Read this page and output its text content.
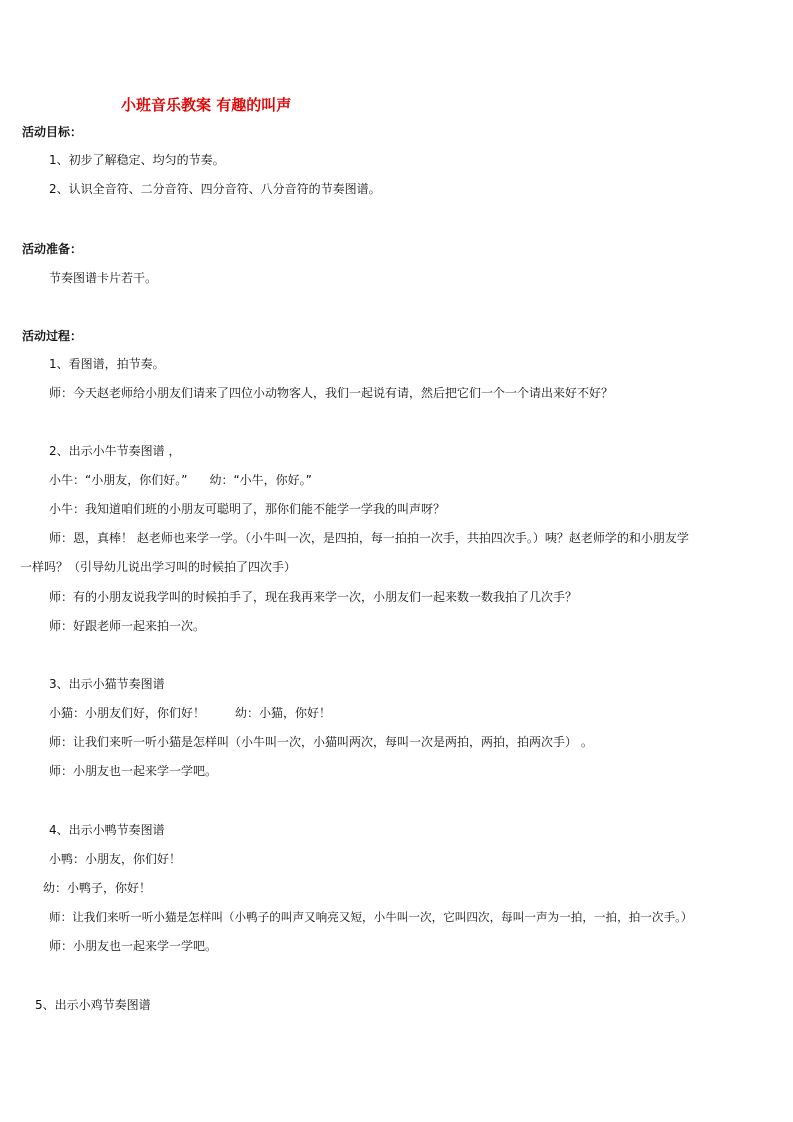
小班音乐教案 有趣的叫声
活动目标：
1、初步了解稳定、均匀的节奏。
2、认识全音符、二分音符、四分音符、八分音符的节奏图谱。
活动准备：
节奏图谱卡片若干。
活动过程：
1、看图谱，拍节奏。
师：今天赵老师给小朋友们请来了四位小动物客人，我们一起说有请，然后把它们一个一个请出来好不好？
2、出示小牛节奏图谱 ，
小牛：“小朋友，你们好。” 幼：“小牛，你好。”
小牛：我知道咱们班的小朋友可聪明了，那你们能不能学一学我的叫声呀？
师：恩，真棒！ 赵老师也来学一学。（小牛叫一次，是四拍，每一拍拍一次手，共拍四次手。）咦？赵老师学的和小朋友学
一样吗？（引导幼儿说出学习叫的时候拍了四次手）
师：有的小朋友说我学叫的时候拍手了，现在我再来学一次，小朋友们一起来数一数我拍了几次手？
师：好跟老师一起来拍一次。
3、出示小猫节奏图谱
小猫：小朋友们好，你们好！	幼：小猫，你好！
师：让我们来听一听小猫是怎样叫（小牛叫一次，小猫叫两次，每叫一次是两拍，两拍，拍两次手） 。
师：小朋友也一起来学一学吧。
4、出示小鸭节奏图谱
小鸭：小朋友，你们好！
幼：小鸭子，你好！
师：让我们来听一听小猫是怎样叫（小鸭子的叫声又响亮又短，小牛叫一次，它叫四次，每叫一声为一拍，一拍，拍一次手。）
师：小朋友也一起来学一学吧。
5、出示小鸡节奏图谱
